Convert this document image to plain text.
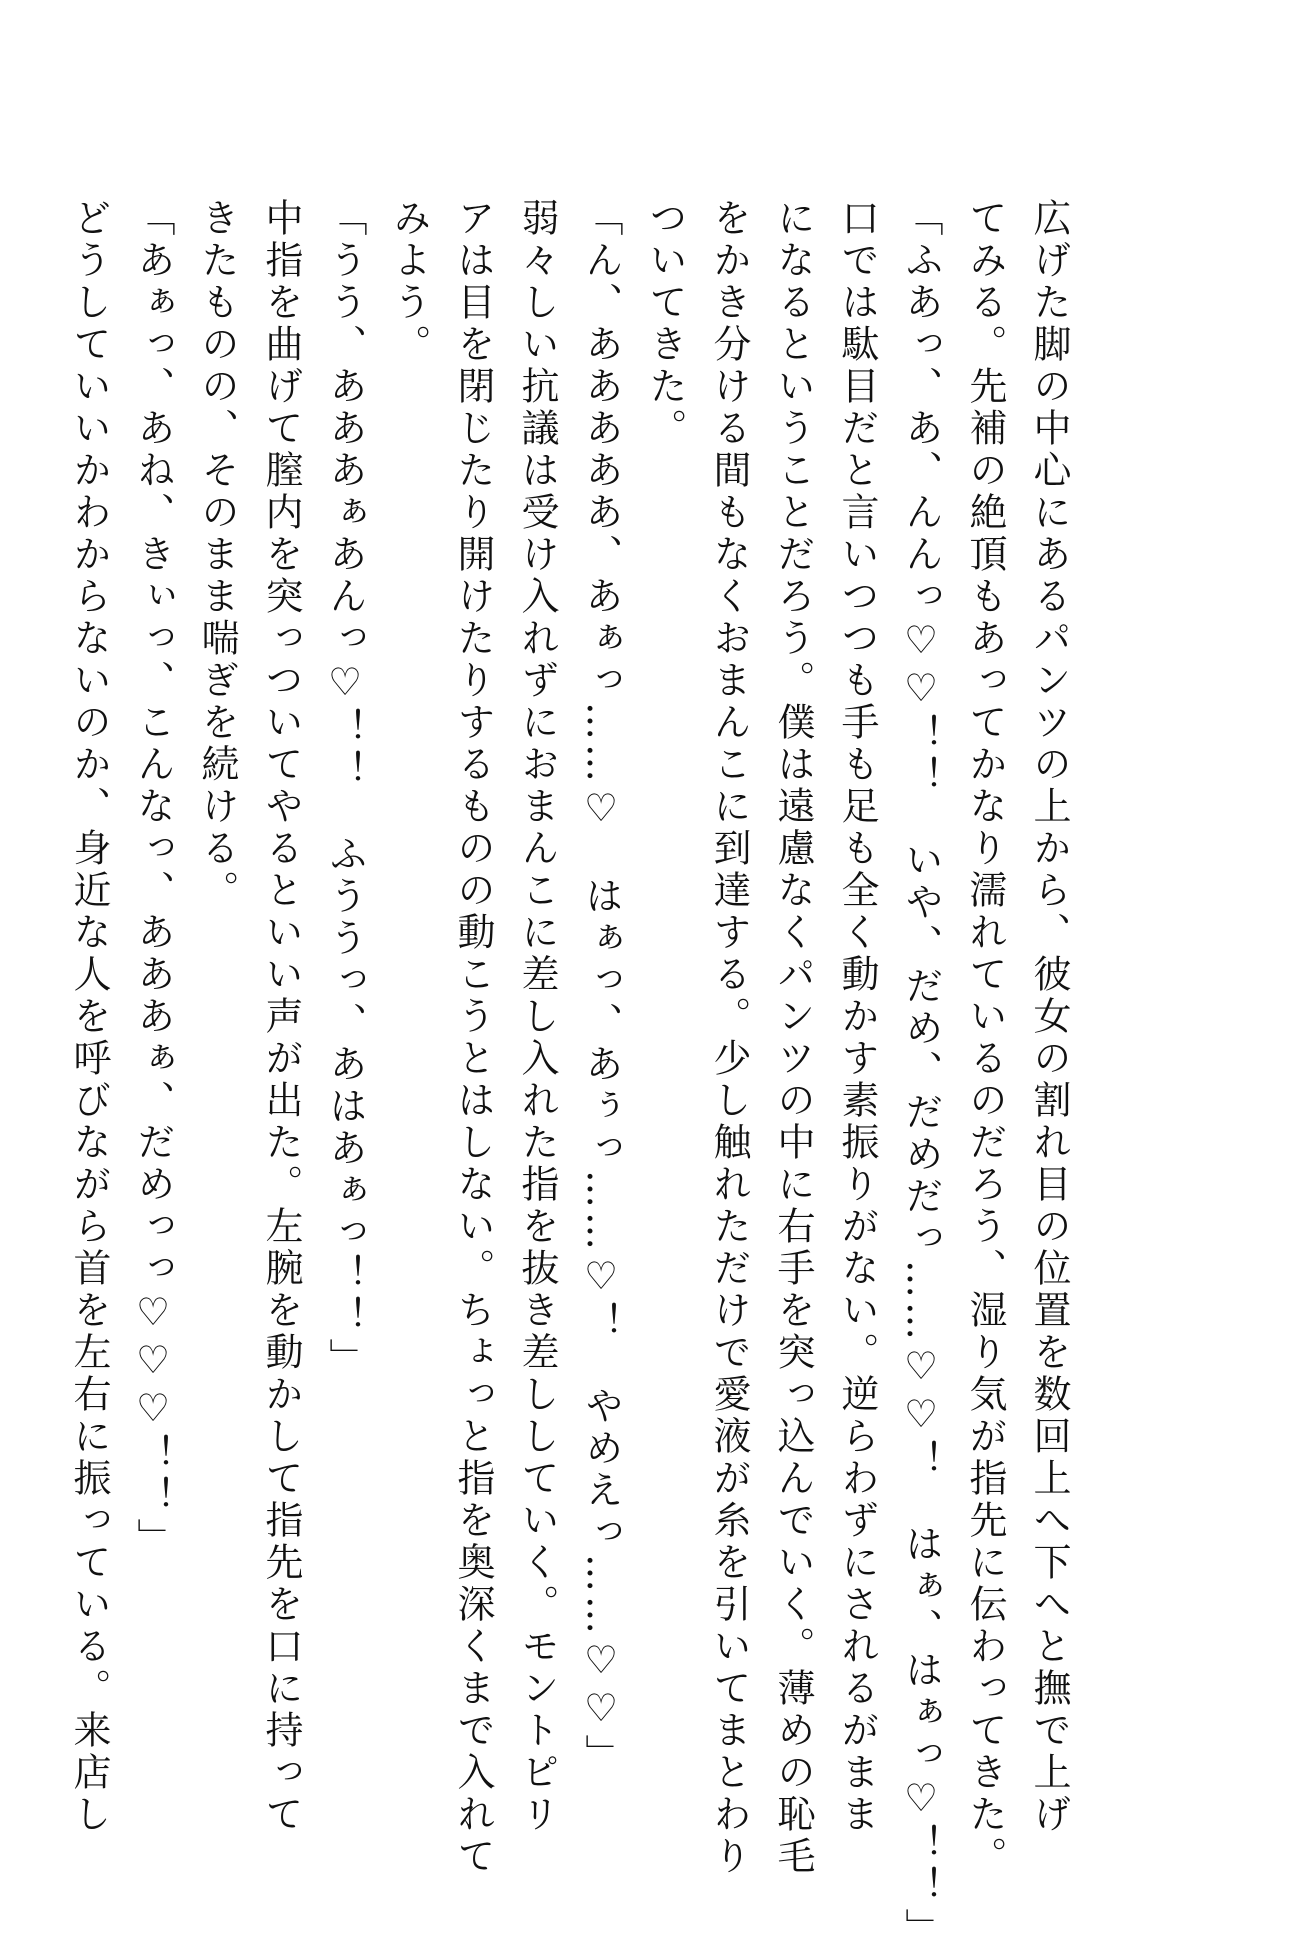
広げた脚の中心にあるパンツの上から、彼女の割れ目の位置を数回上へ下へと撫で上げ

てみる。先補の絶頂もあってかなり濡れているのだろう、湿り気が指先に伝わってきた。

「ふあっ、あ、んんっ♡♡！！　いや、だめ、だめだっ……♡♡！　はぁ、はぁっ♡！！」

口では駄目だと言いつつも手も足も全く動かす素振りがない。逆らわずにされるがまま

になるということだろう。僕は遠慮なくパンツの中に右手を突っ込んでいく。薄めの恥毛

をかき分ける間もなくおまんこに到達する。少し触れただけで愛液が糸を引いてまとわり

ついてきた。

「ん、あああああ、あぁっ……♡　はぁっ、あぅっ……♡！　やめえっ……♡♡」

弱々しい抗議は受け入れずにおまんこに差し入れた指を抜き差ししていく。モントピリ

アは目を閉じたり開けたりするものの動こうとはしない。ちょっと指を奥深くまで入れて

みよう。

「うう、あああぁあんっ♡！！　ふううっ、あはあぁっ！！」

中指を曲げて膣内を突っついてやるといい声が出た。左腕を動かして指先を口に持って

きたものの、そのまま喘ぎを続ける。

「あぁっ、あね、きぃっ、こんなっ、あああぁ、だめっっ♡♡♡！！」

どうしていいかわからないのか、身近な人を呼びながら首を左右に振っている。来店し
